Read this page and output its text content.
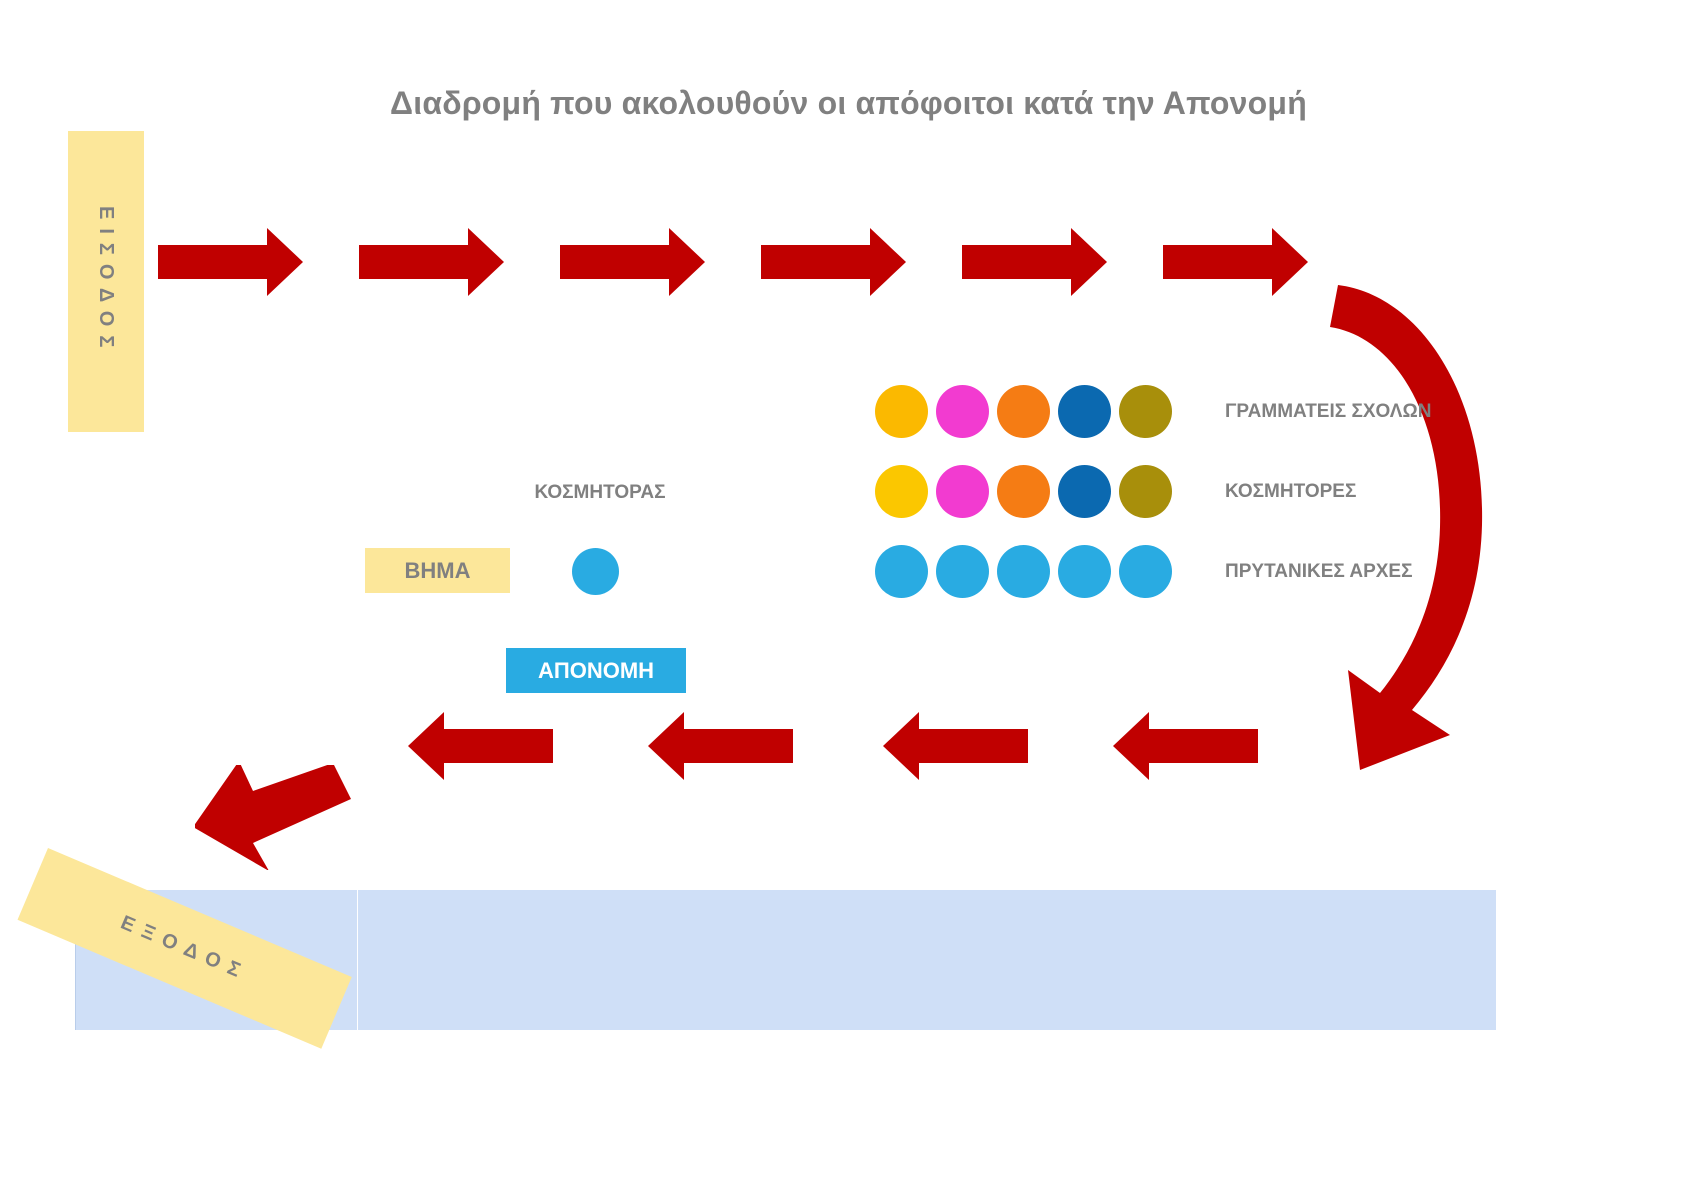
Διαδρομή που ακολουθούν οι απόφοιτοι κατά την Απονομή
ΕΙΣΟΔΟΣ
ΓΡΑΜΜΑΤΕΙΣ ΣΧΟΛΩΝ
ΚΟΣΜΗΤΟΡΕΣ
ΠΡΥΤΑΝΙΚΕΣ ΑΡΧΕΣ
ΚΟΣΜΗΤΟΡΑΣ
ΒΗΜΑ
ΑΠΟΝΟΜΗ
ΕΞΟΔΟΣ
